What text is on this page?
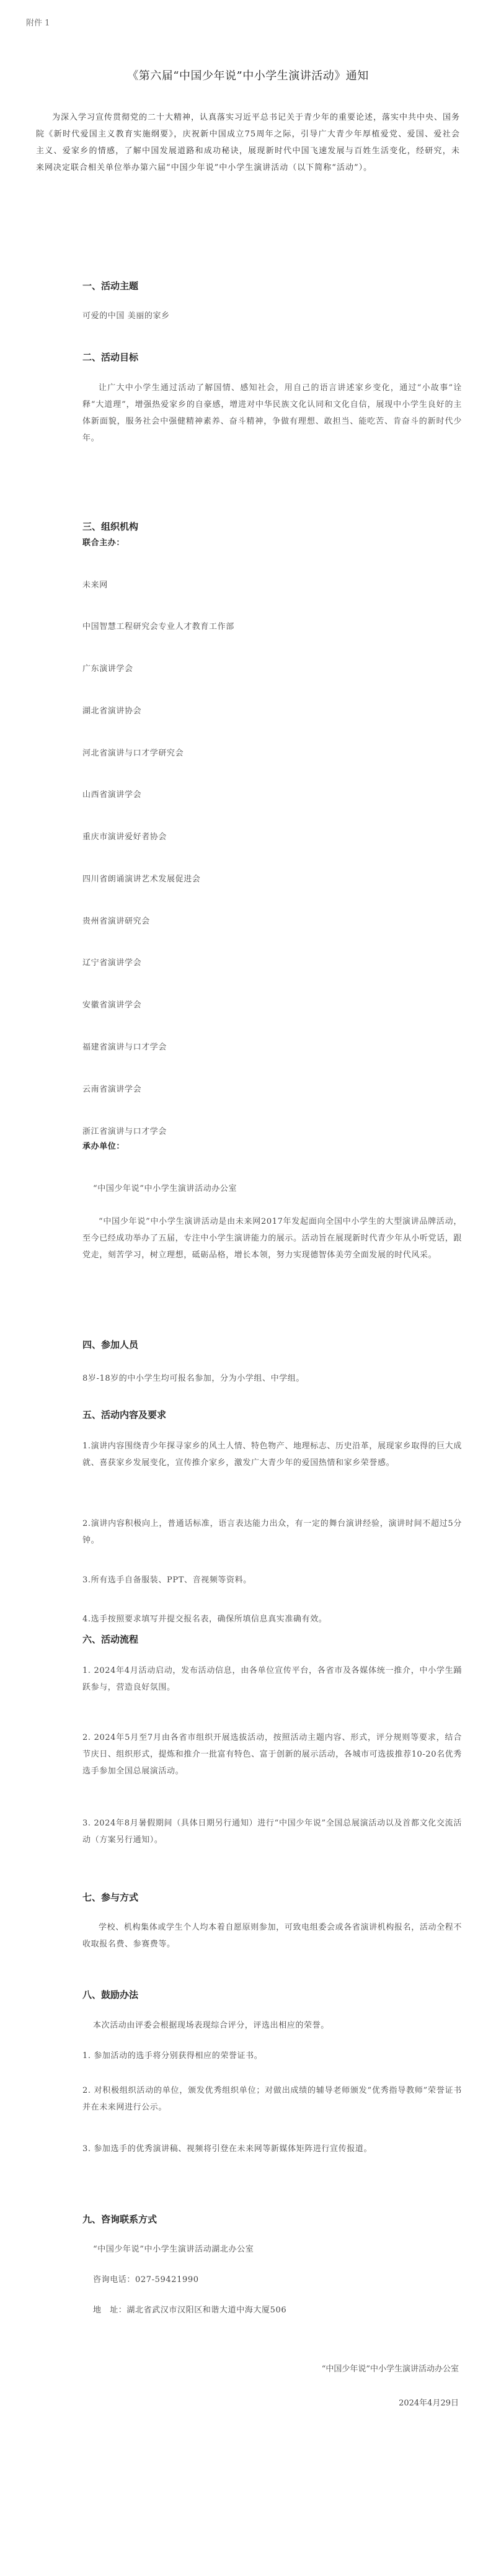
附件 1
《第六届“中国少年说”中小学生演讲活动》通知
为深入学习宣传贯彻党的二十大精神，认真落实习近平总书记关于青少年的重要论述，落实中共中央、国务院《新时代爱国主义教育实施纲要》，庆祝新中国成立75周年之际，引导广大青少年厚植爱党、爱国、爱社会主义、爱家乡的情感，了解中国发展道路和成功秘诀，展现新时代中国飞速发展与百姓生活变化，经研究，未来网决定联合相关单位举办第六届“中国少年说”中小学生演讲活动（以下简称“活动”）。
一、活动主题
可爱的中国 美丽的家乡
二、活动目标
让广大中小学生通过活动了解国情、感知社会，用自己的语言讲述家乡变化，通过“小故事”诠释“大道理”，增强热爱家乡的自豪感，增进对中华民族文化认同和文化自信，展现中小学生良好的主体新面貌，服务社会中强健精神素养、奋斗精神，争做有理想、敢担当、能吃苦、肯奋斗的新时代少年。
三、组织机构
联合主办：
未来网
中国智慧工程研究会专业人才教育工作部
广东演讲学会
湖北省演讲协会
河北省演讲与口才学研究会
山西省演讲学会
重庆市演讲爱好者协会
四川省朗诵演讲艺术发展促进会
贵州省演讲研究会
辽宁省演讲学会
安徽省演讲学会
福建省演讲与口才学会
云南省演讲学会
浙江省演讲与口才学会
承办单位：
“中国少年说”中小学生演讲活动办公室
“中国少年说”中小学生演讲活动是由未来网2017年发起面向全国中小学生的大型演讲品牌活动，至今已经成功举办了五届，专注中小学生演讲能力的展示。活动旨在展现新时代青少年从小听党话，跟党走，刻苦学习，树立理想，砥砺品格，增长本领，努力实现德智体美劳全面发展的时代风采。
四、参加人员
8岁-18岁的中小学生均可报名参加，分为小学组、中学组。
五、活动内容及要求
1.演讲内容围绕青少年探寻家乡的风土人情、特色物产、地理标志、历史沿革，展现家乡取得的巨大成就、喜获家乡发展变化，宣传推介家乡，激发广大青少年的爱国热情和家乡荣誉感。
2.演讲内容积极向上，普通话标准，语言表达能力出众，有一定的舞台演讲经验，演讲时间不超过5分钟。
3.所有选手自备服装、PPT、音视频等资料。
4.选手按照要求填写并提交报名表，确保所填信息真实准确有效。
六、活动流程
1. 2024年4月活动启动，发布活动信息，由各单位宣传平台，各省市及各媒体统一推介，中小学生踊跃参与，营造良好氛围。
2. 2024年5月至7月由各省市组织开展选拔活动，按照活动主题内容、形式，评分规则等要求，结合节庆日、组织形式，提炼和推介一批富有特色、富于创新的展示活动，各城市可选拔推荐10-20名优秀选手参加全国总展演活动。
3. 2024年8月暑假期间（具体日期另行通知）进行“中国少年说”全国总展演活动以及首都文化交流活动（方案另行通知）。
七、参与方式
学校、机构集体或学生个人均本着自愿原则参加，可致电组委会或各省演讲机构报名，活动全程不收取报名费、参赛费等。
八、鼓励办法
本次活动由评委会根据现场表现综合评分，评选出相应的荣誉。
1. 参加活动的选手将分别获得相应的荣誉证书。
2. 对积极组织活动的单位，颁发优秀组织单位；对做出成绩的辅导老师颁发“优秀指导教师”荣誉证书并在未来网进行公示。
3. 参加选手的优秀演讲稿、视频将引登在未来网等新媒体矩阵进行宣传报道。
九、咨询联系方式
“中国少年说”中小学生演讲活动湖北办公室
咨询电话：027-59421990
地　址：湖北省武汉市汉阳区和谐大道中海大厦506
“中国少年说”中小学生演讲活动办公室
2024年4月29日
